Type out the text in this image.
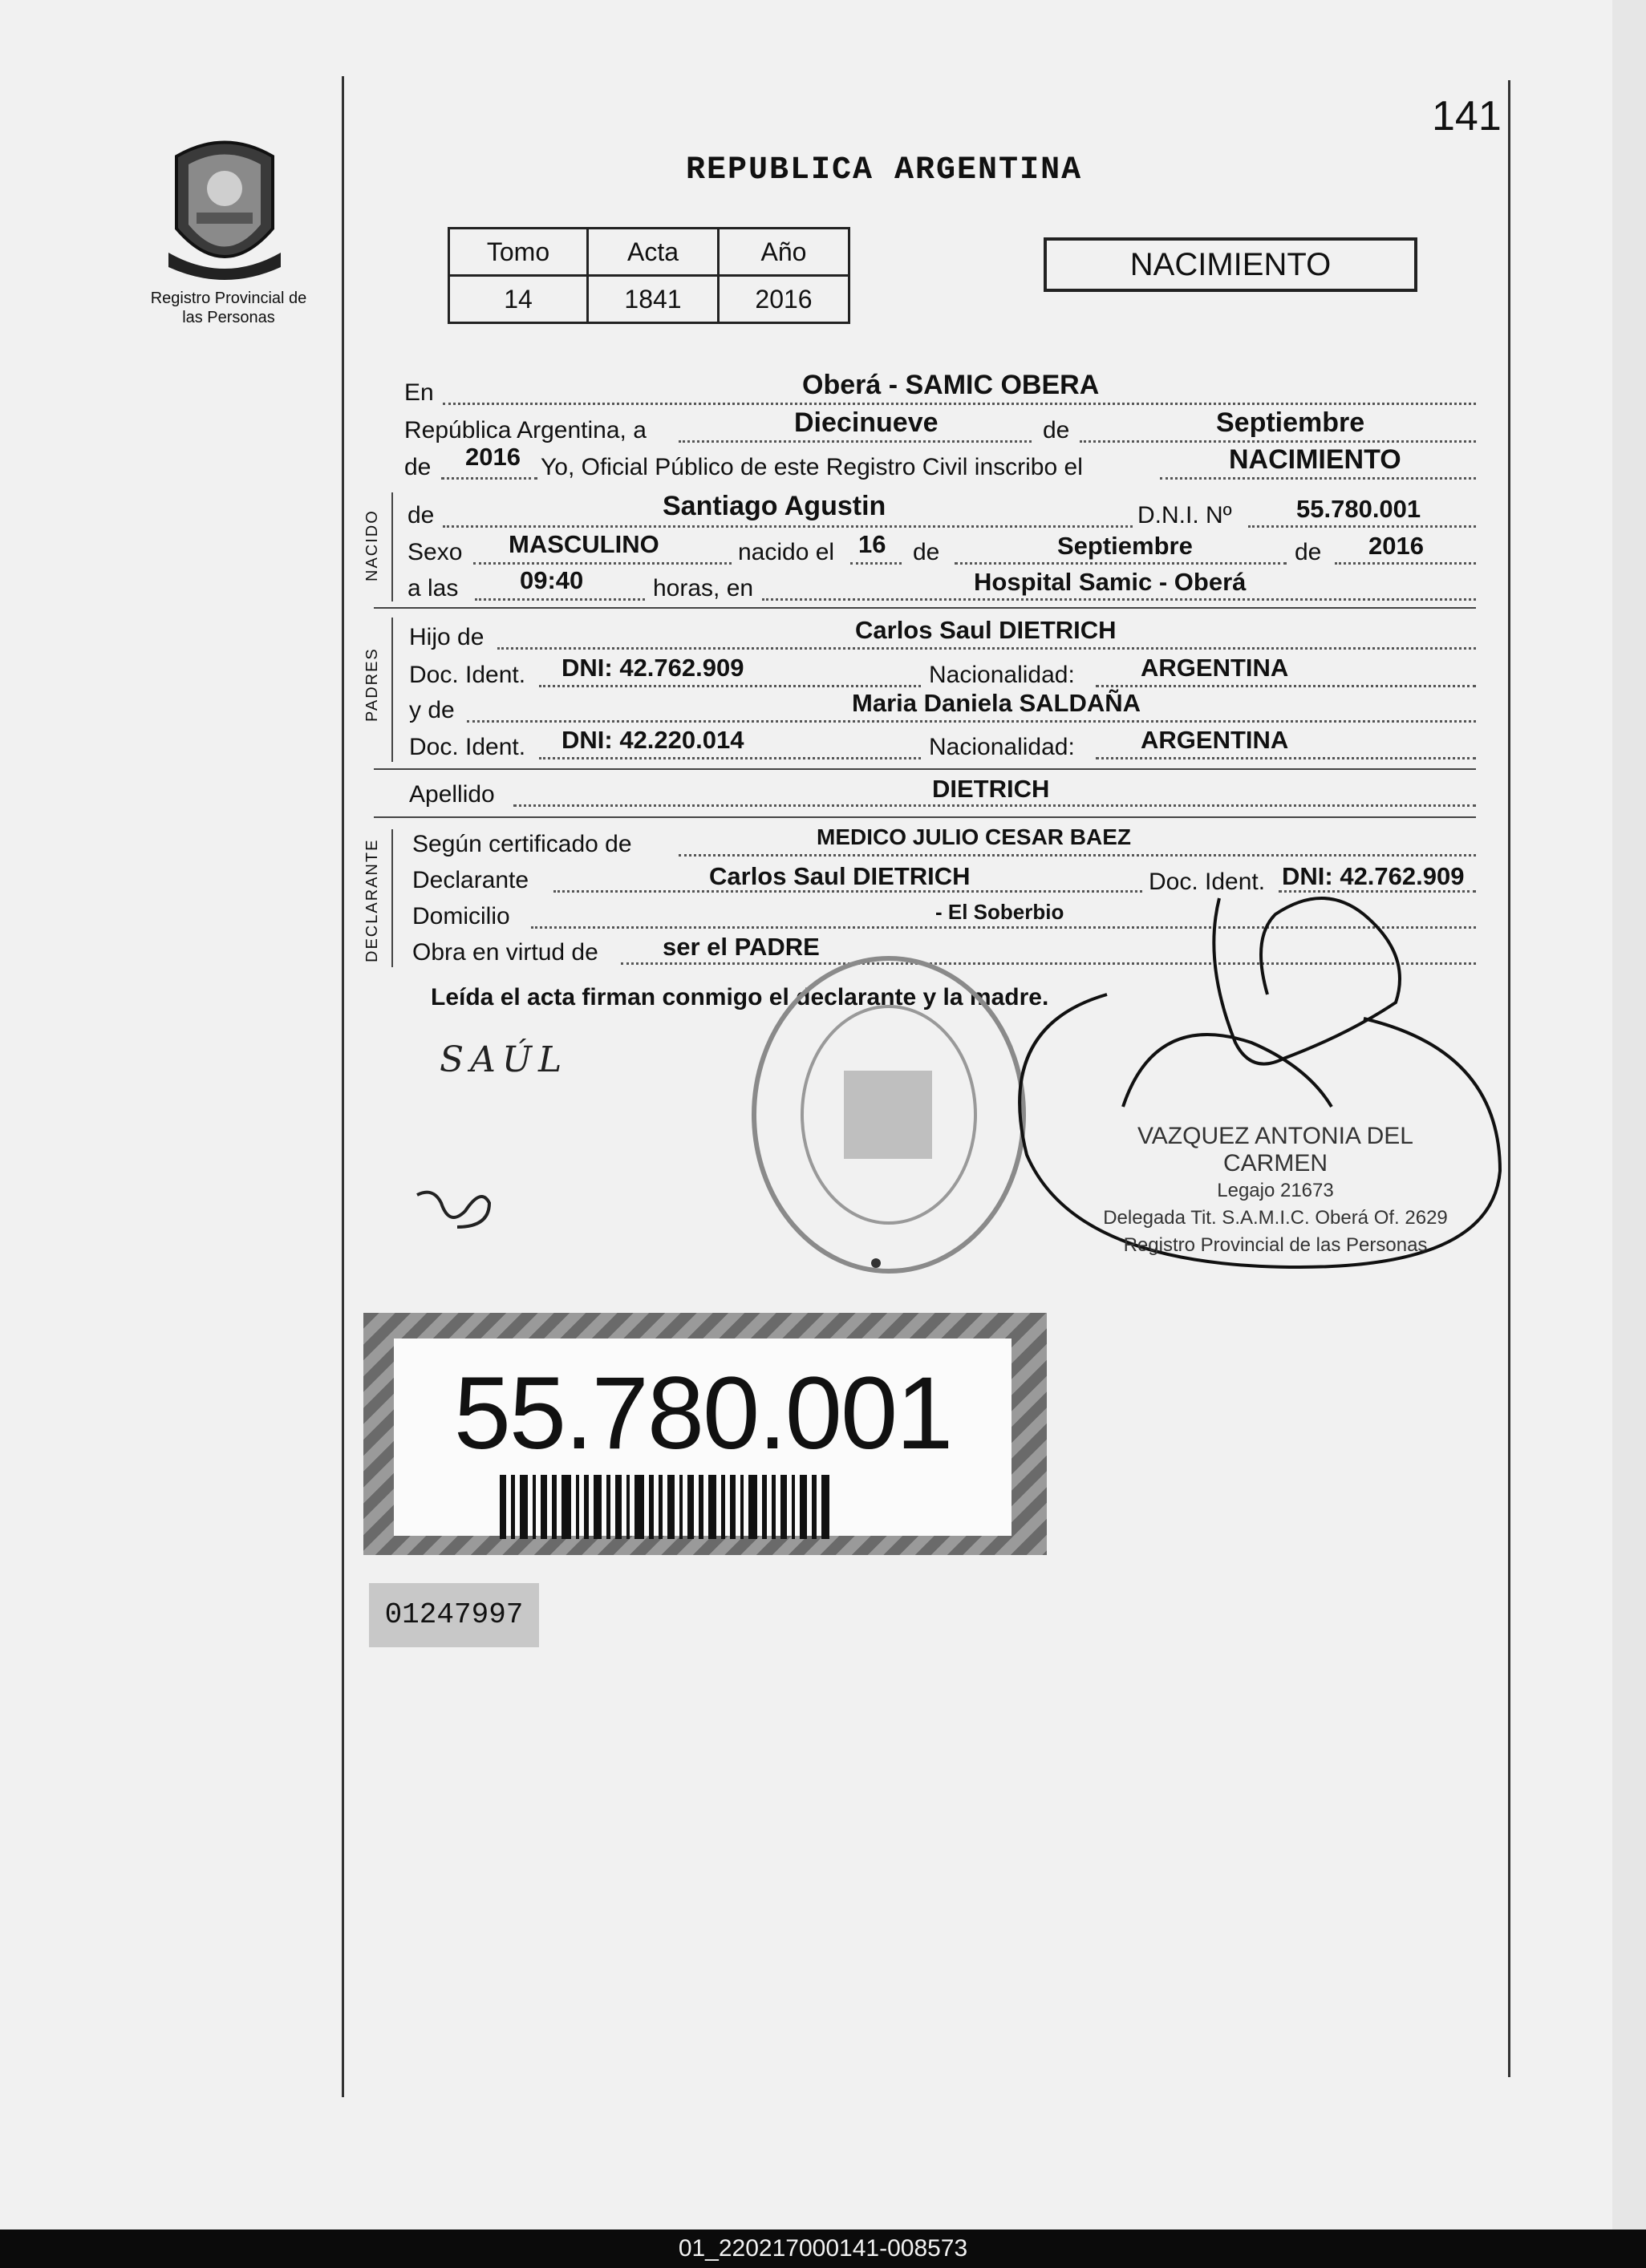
Registro Provincial de las Personas
141
REPUBLICA ARGENTINA
Tomo	Acta	Año
14	1841	2016
NACIMIENTO
En	Oberá - SAMIC OBERA
República Argentina, a	Diecinueve	de	Septiembre
de 2016 Yo, Oficial Público de este Registro Civil inscribo el	NACIMIENTO
NACIDO de	Santiago Agustin	D.N.I. Nº	55.780.001
Sexo MASCULINO	nacido el 16 de	Septiembre	de 2016
a las 09:40	horas, en	Hospital Samic - Oberá
PADRES
Hijo de	Carlos Saul DIETRICH
Doc. Ident. DNI: 42.762.909	Nacionalidad:	ARGENTINA
y de	Maria Daniela SALDAÑA
Doc. Ident. DNI: 42.220.014	Nacionalidad:	ARGENTINA
Apellido	DIETRICH
DECLARANTE Según certificado de	MEDICO JULIO CESAR BAEZ
Declarante	Carlos Saul DIETRICH	Doc. Ident. DNI: 42.762.909
Domicilio	- El Soberbio
Obra en virtud de	ser el PADRE
Leída el acta firman conmigo el declarante y la madre.
VAZQUEZ ANTONIA DEL CARMEN
Legajo 21673
Delegada Tit. S.A.M.I.C. Oberá Of. 2629
Registro Provincial de las Personas
SAÚL
55.780.001
01247997
01_220217000141-008573
